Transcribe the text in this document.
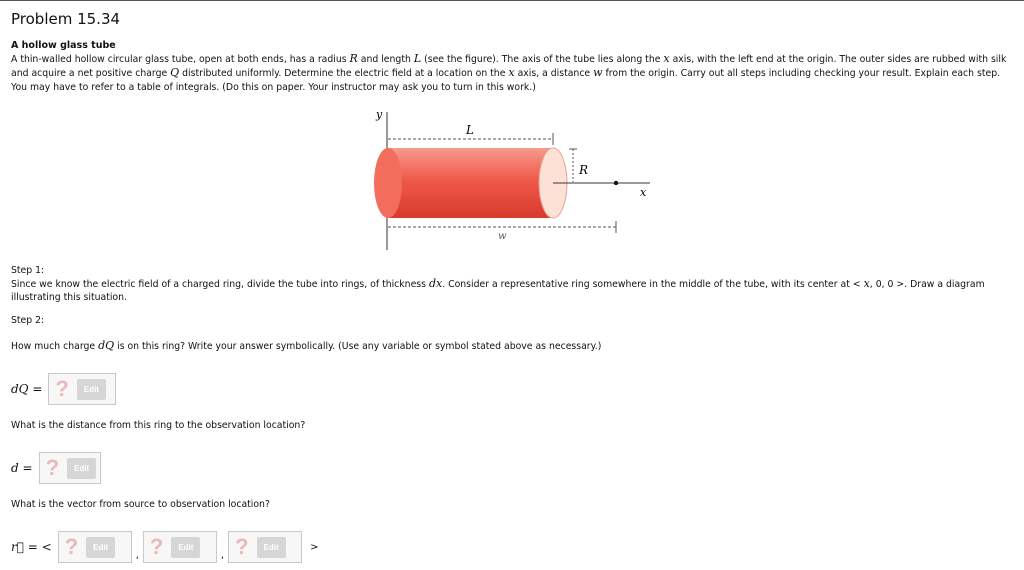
Problem 15.34
A hollow glass tube
A thin-walled hollow circular glass tube, open at both ends, has a radius R and length L (see the figure). The axis of the tube lies along the x axis, with the left end at the origin. The outer sides are rubbed with silk and acquire a net positive charge Q distributed uniformly. Determine the electric field at a location on the x axis, a distance w from the origin. Carry out all steps including checking your result. Explain each step. You may have to refer to a table of integrals. (Do this on paper. Your instructor may ask you to turn in this work.)
y
L
x
R
w
Step 1:
Since we know the electric field of a charged ring, divide the tube into rings, of thickness dx. Consider a representative ring somewhere in the middle of the tube, with its center at < x, 0, 0 >. Draw a diagram illustrating this situation.
Step 2:
How much charge dQ is on this ring? Write your answer symbolically. (Use any variable or symbol stated above as necessary.)
dQ = ?	Edit
What is the distance from this ring to the observation location?
d = ?	Edit
What is the vector from source to observation location?
r⃗ = < ?	Edit
, ?	Edit
, ?	Edit	>
